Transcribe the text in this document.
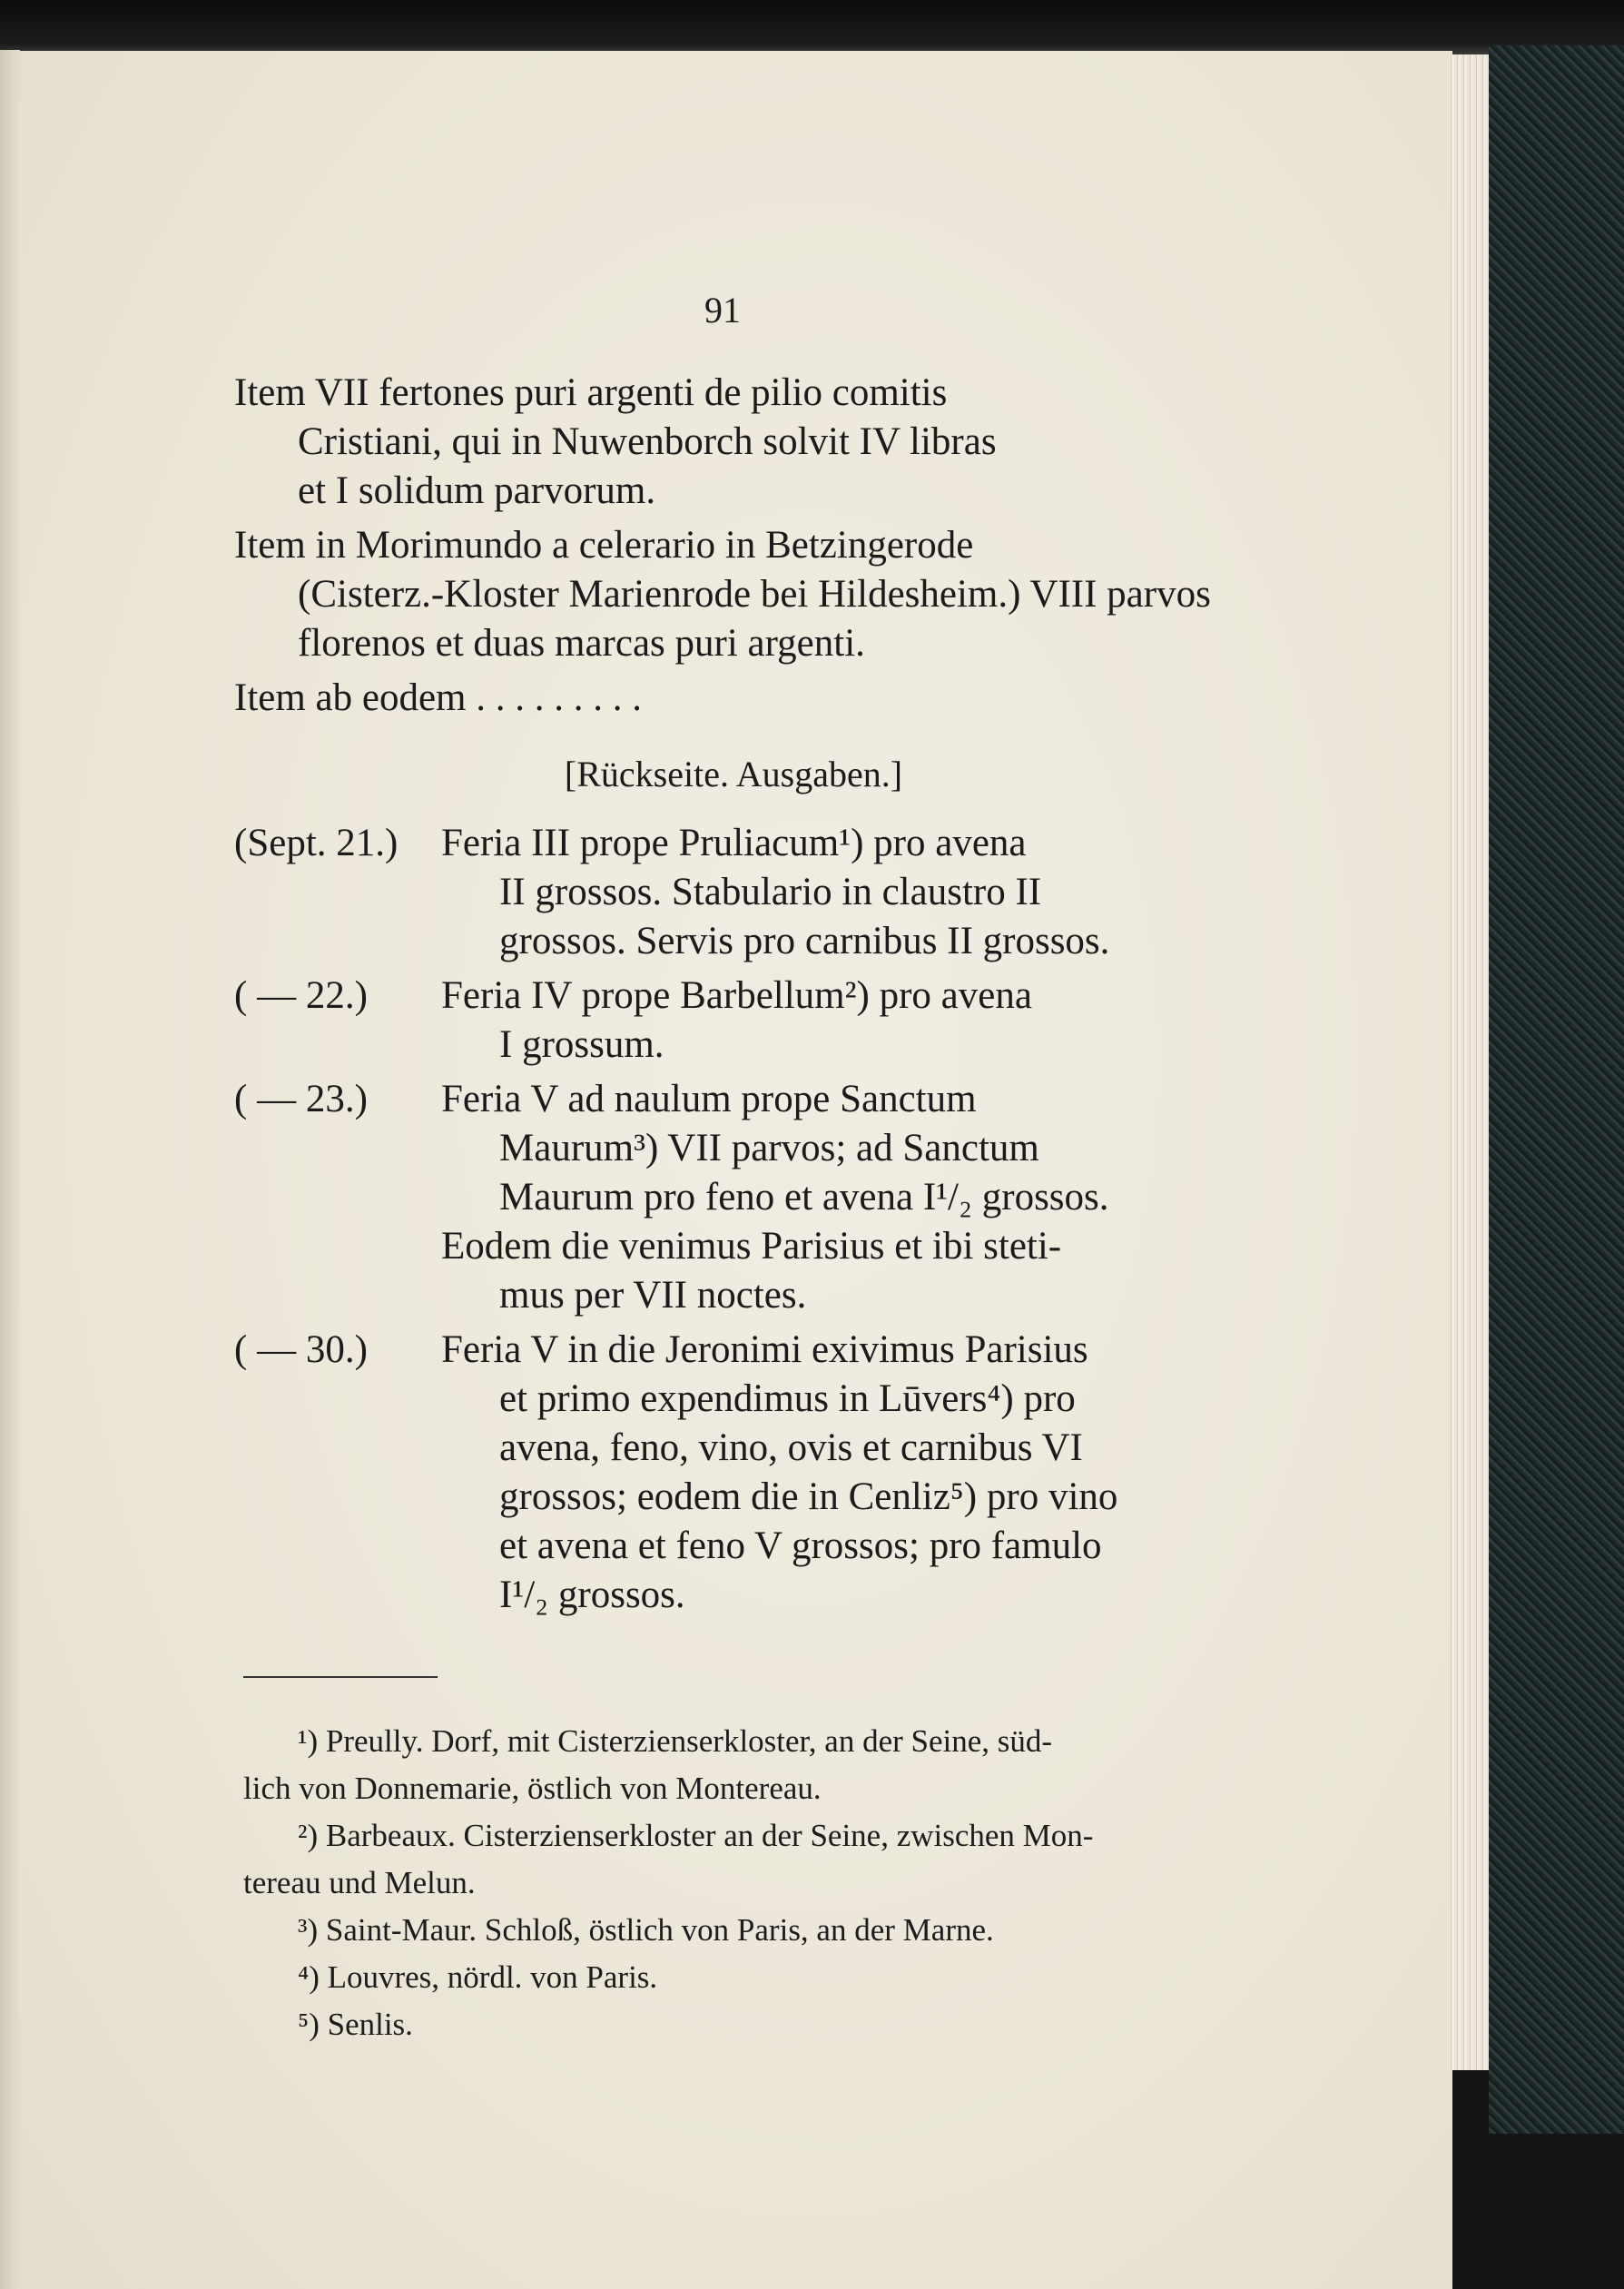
91
Item VII fertones puri argenti de pilio comitis
Cristiani, qui in Nuwenborch solvit IV libras
et I solidum parvorum.
Item in Morimundo a celerario in Betzingerode
(Cisterz.-Kloster Marienrode bei Hildesheim.) VIII parvos
florenos et duas marcas puri argenti.
Item ab eodem . . . . . . . . .
[Rückseite. Ausgaben.]
(Sept. 21.)	Feria III prope Pruliacum¹) pro avena
II grossos. Stabulario in claustro II
grossos. Servis pro carnibus II grossos.
( — 22.)	Feria IV prope Barbellum²) pro avena
I grossum.
( — 23.)	Feria V ad naulum prope Sanctum
Maurum³) VII parvos; ad Sanctum
Maurum pro feno et avena I¹/₂ grossos.
Eodem die venimus Parisius et ibi steti-
mus per VII noctes.
( — 30.)	Feria V in die Jeronimi exivimus Parisius
et primo expendimus in Lūvers⁴) pro
avena, feno, vino, ovis et carnibus VI
grossos; eodem die in Cenliz⁵) pro vino
et avena et feno V grossos; pro famulo
I¹/₂ grossos.
¹) Preully. Dorf, mit Cisterzienserkloster, an der Seine, süd-
lich von Donnemarie, östlich von Montereau.
²) Barbeaux. Cisterzienserkloster an der Seine, zwischen Mon-
tereau und Melun.
³) Saint-Maur. Schloß, östlich von Paris, an der Marne.
⁴) Louvres, nördl. von Paris.
⁵) Senlis.
